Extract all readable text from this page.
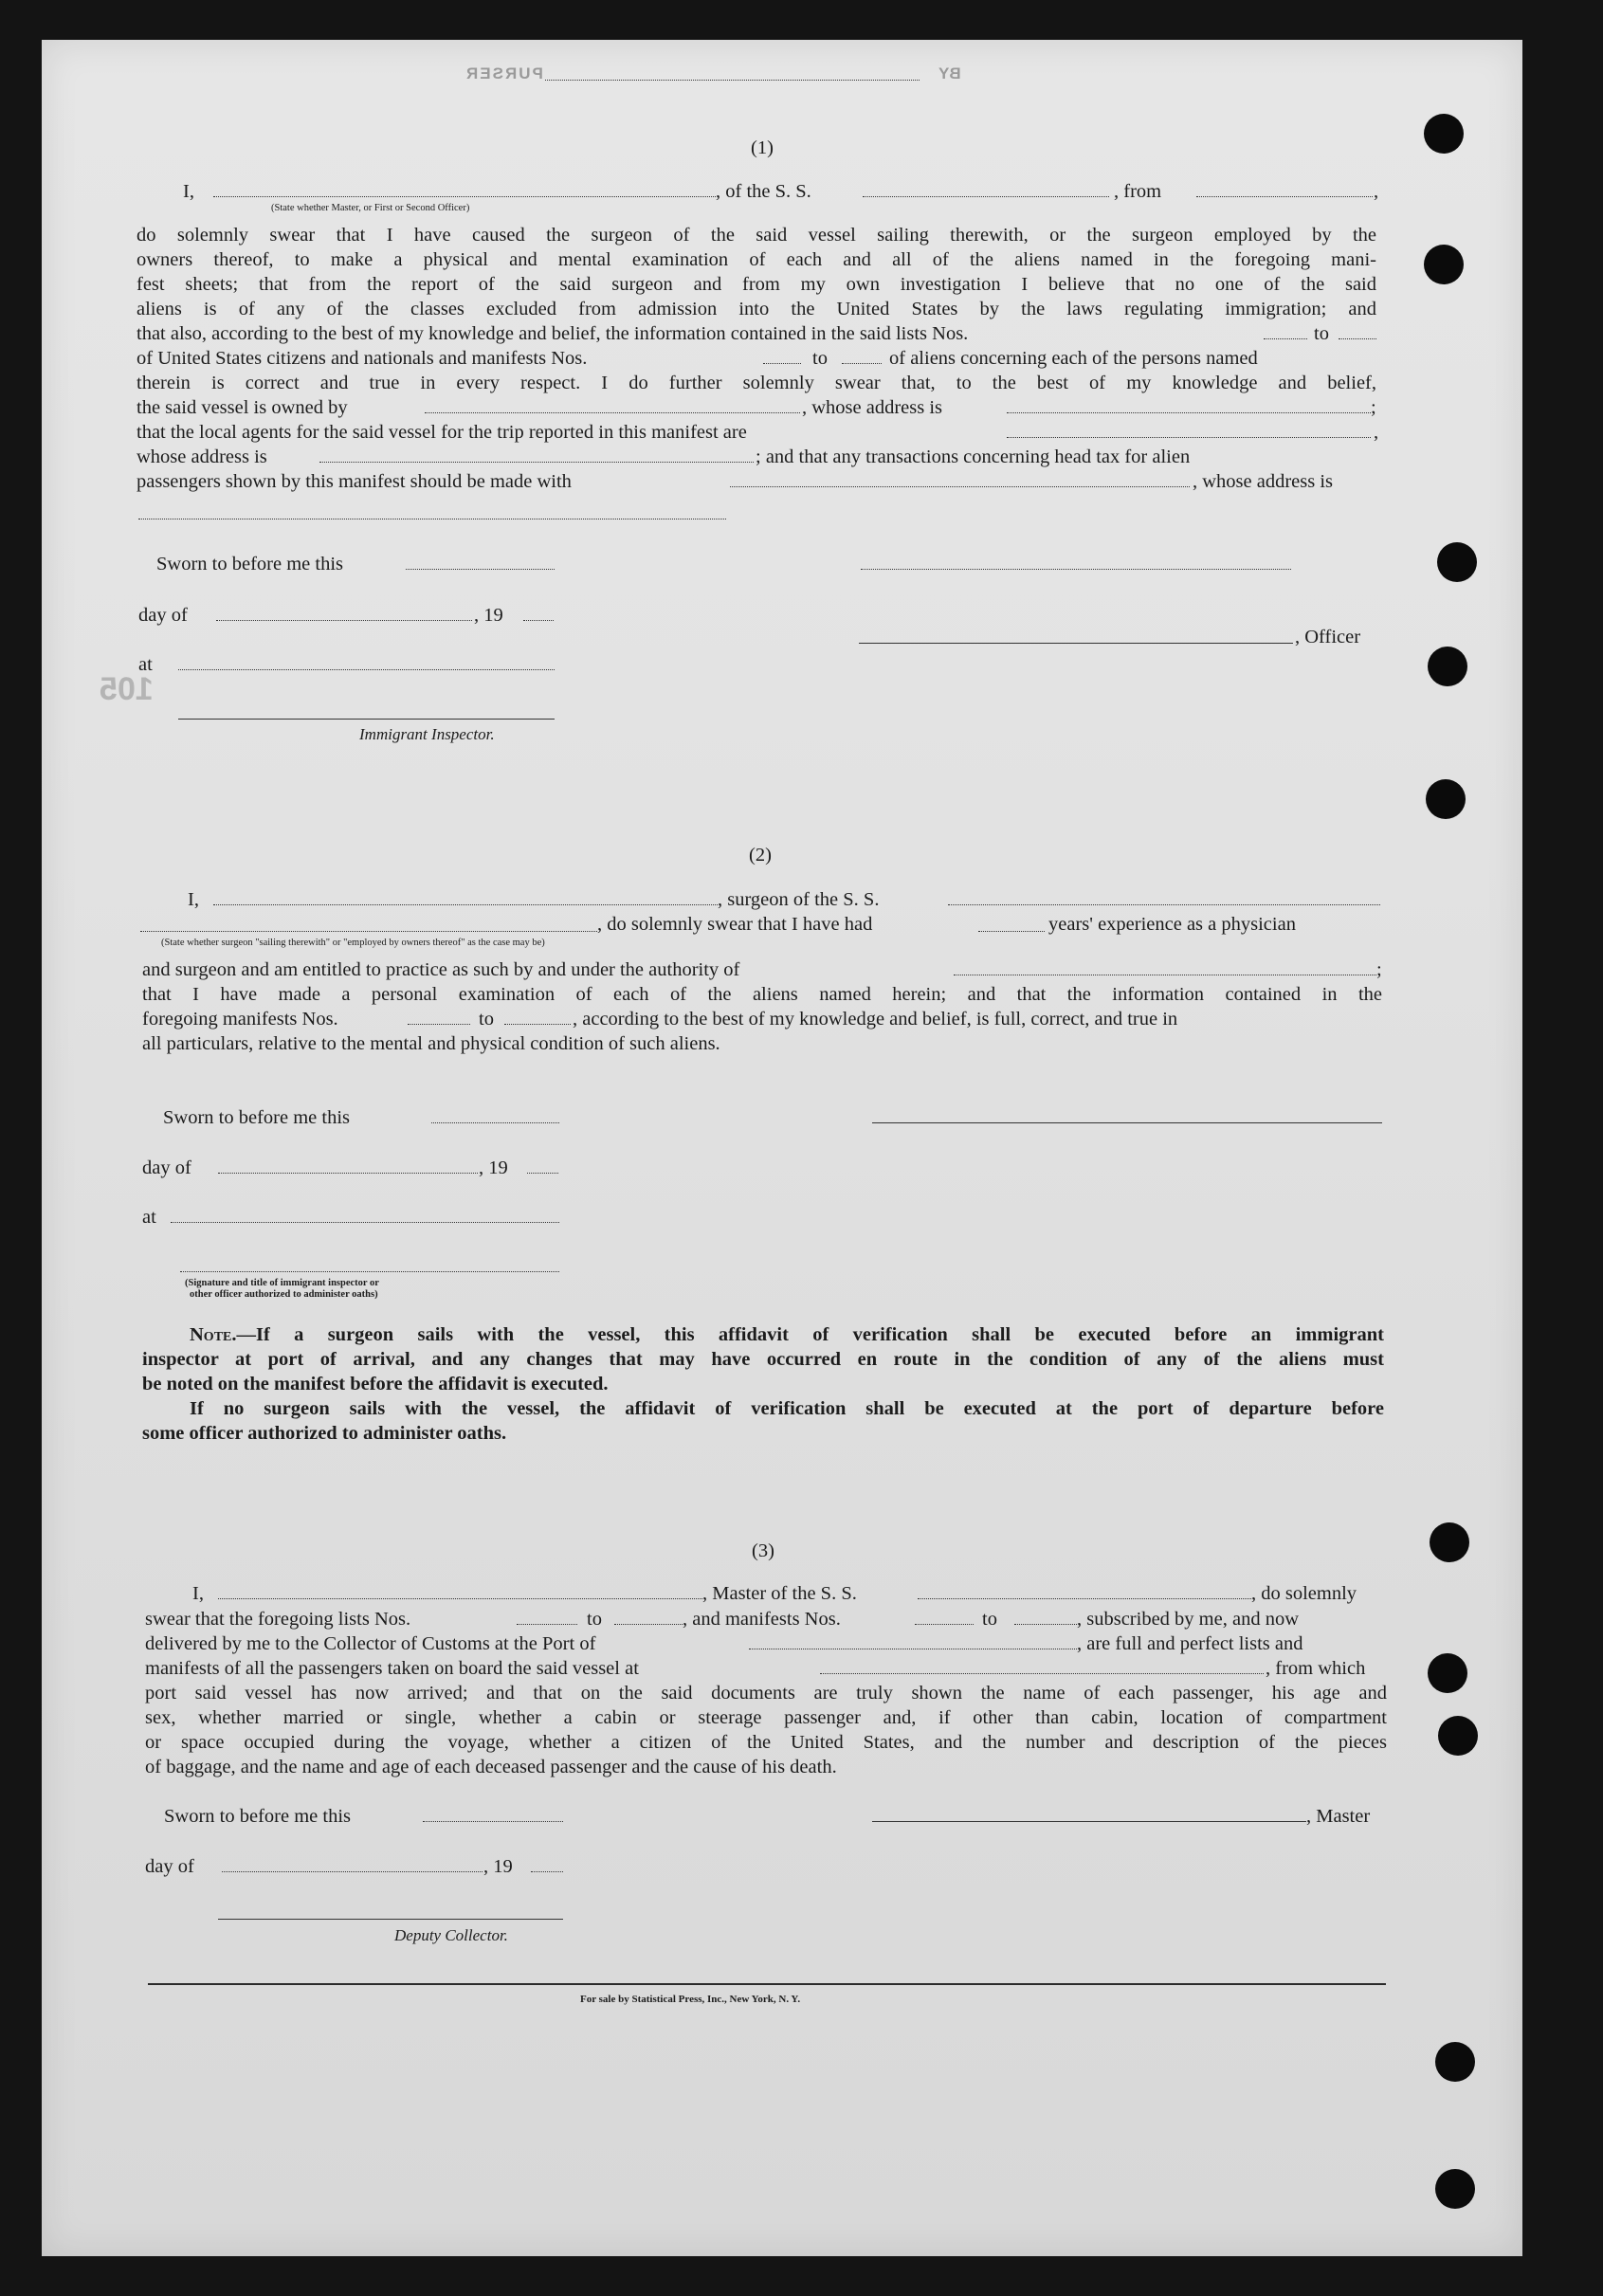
PURSER	BY
105
(1)
I,
(State whether Master, or First or Second Officer)
, of the S. S.	, from	,
do solemnly swear that I have caused the surgeon of the said vessel sailing therewith, or the surgeon employed by the
owners thereof, to make a physical and mental examination of each and all of the aliens named in the foregoing mani-
fest sheets; that from the report of the said surgeon and from my own investigation I believe that no one of the said
aliens is of any of the classes excluded from admission into the United States by the laws regulating immigration; and
that also, according to the best of my knowledge and belief, the information contained in the said lists Nos.	to
of United States citizens and nationals and manifests Nos.	to	of aliens concerning each of the persons named
therein is correct and true in every respect. I do further solemnly swear that, to the best of my knowledge and belief,
the said vessel is owned by	, whose address is	;
that the local agents for the said vessel for the trip reported in this manifest are	,
whose address is	; and that any transactions concerning head tax for alien
passengers shown by this manifest should be made with	, whose address is
Sworn to before me this
day of	, 19
, Officer
at
Immigrant Inspector.
(2)
I,	, surgeon of the S. S.
(State whether surgeon "sailing therewith" or "employed by owners thereof" as the case may be)
, do solemnly swear that I have had	years' experience as a physician
and surgeon and am entitled to practice as such by and under the authority of	;
that I have made a personal examination of each of the aliens named herein; and that the information contained in the
foregoing manifests Nos.	to	, according to the best of my knowledge and belief, is full, correct, and true in
all particulars, relative to the mental and physical condition of such aliens.
Sworn to before me this
day of	, 19
at
(Signature and title of immigrant inspector or
other officer authorized to administer oaths)
Note.—If a surgeon sails with the vessel, this affidavit of verification shall be executed before an immigrant
inspector at port of arrival, and any changes that may have occurred en route in the condition of any of the aliens must
be noted on the manifest before the affidavit is executed.
If no surgeon sails with the vessel, the affidavit of verification shall be executed at the port of departure before
some officer authorized to administer oaths.
(3)
I,	, Master of the S. S.	, do solemnly
swear that the foregoing lists Nos.	to	, and manifests Nos.	to	, subscribed by me, and now
delivered by me to the Collector of Customs at the Port of	, are full and perfect lists and
manifests of all the passengers taken on board the said vessel at	, from which
port said vessel has now arrived; and that on the said documents are truly shown the name of each passenger, his age and
sex, whether married or single, whether a cabin or steerage passenger and, if other than cabin, location of compartment
or space occupied during the voyage, whether a citizen of the United States, and the number and description of the pieces
of baggage, and the name and age of each deceased passenger and the cause of his death.
Sworn to before me this	, Master
day of	, 19
Deputy Collector.
For sale by Statistical Press, Inc., New York, N. Y.
